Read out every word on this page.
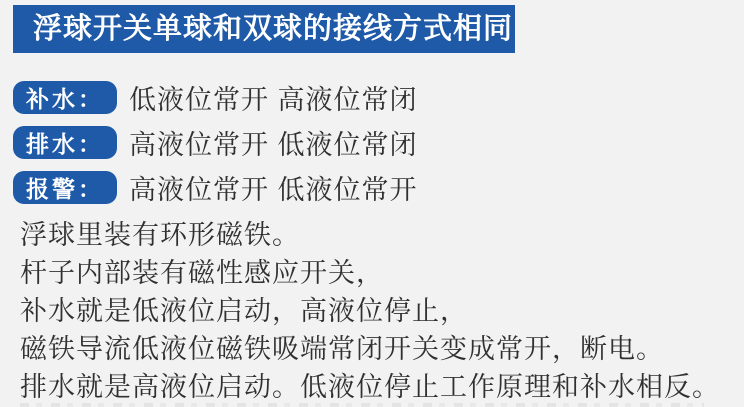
浮球开关单球和双球的接线方式相同
补水： 低液位常开 高液位常闭
排水： 高液位常开 低液位常闭
报警： 高液位常开 低液位常开

浮球里装有环形磁铁。

杆子内部装有磁性感应开关，

补水就是低液位启动，高液位停止，

磁铁导流低液位磁铁吸端常闭开关变成常开，断电。

排水就是高液位启动。低液位停止工作原理和补水相反。
